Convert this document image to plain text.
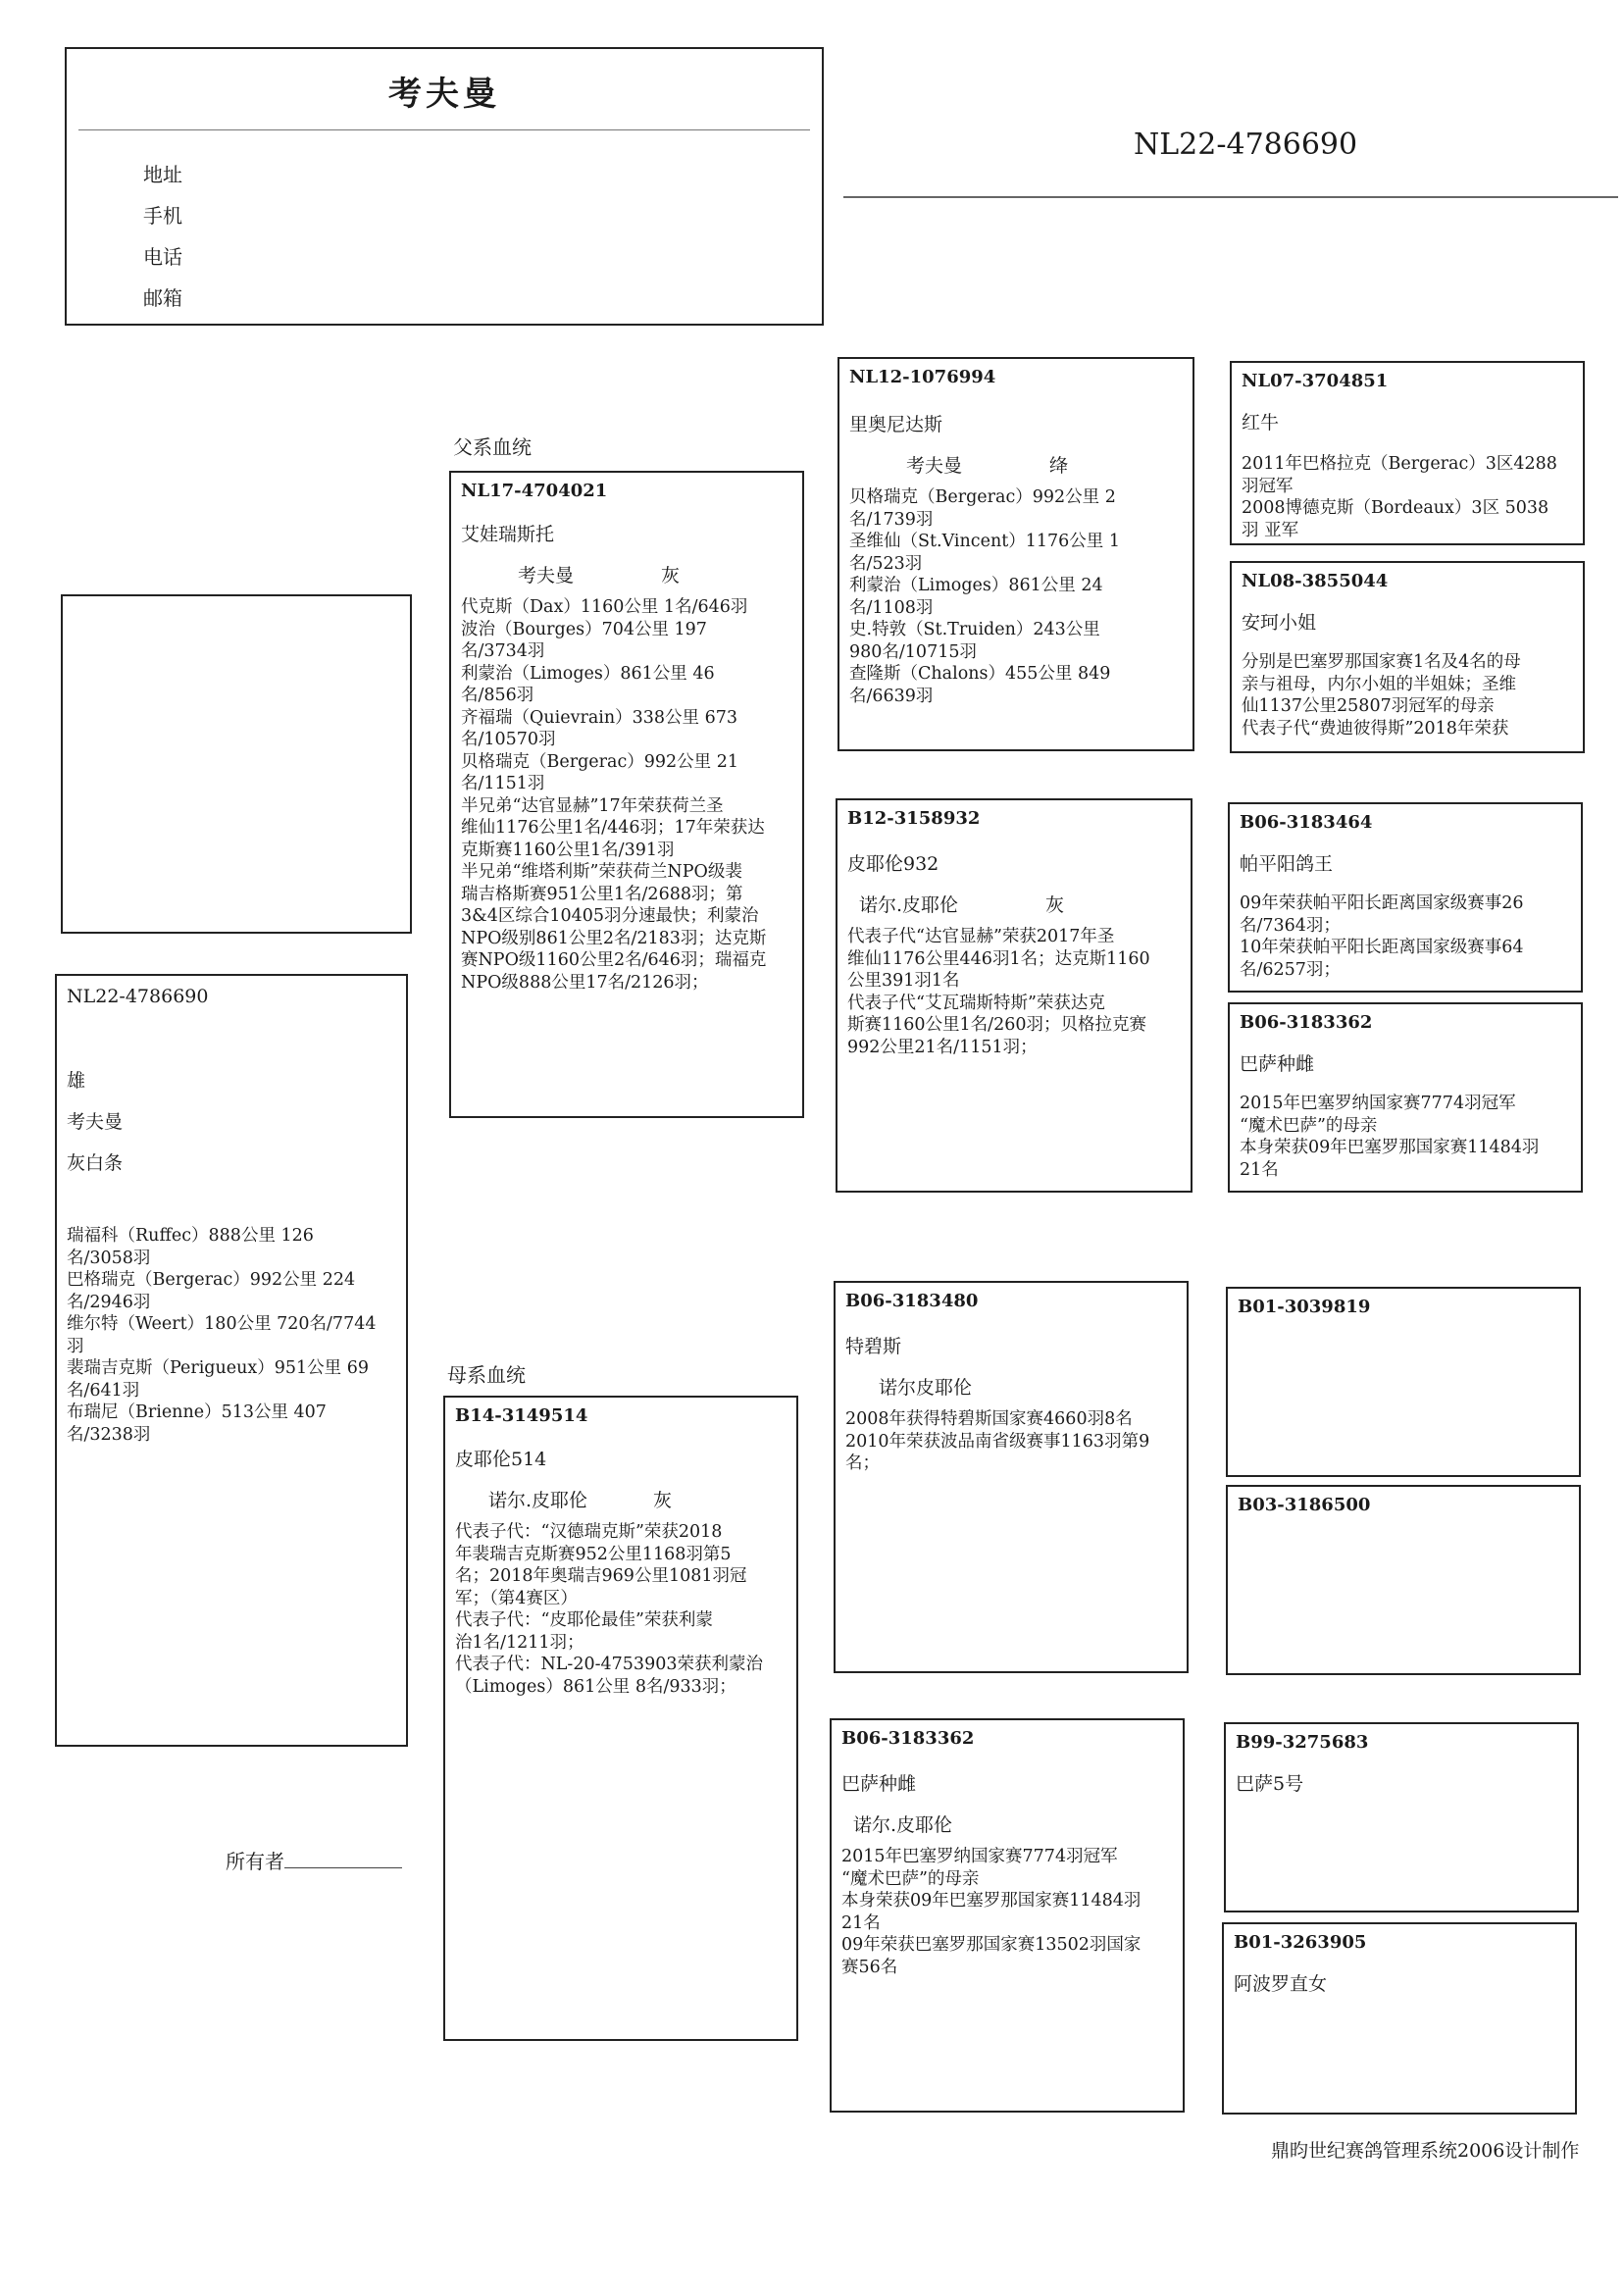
考夫曼
地址
手机
电话
邮箱
NL22-4786690
NL22-4786690
雄
考夫曼
灰白条
瑞福科（Ruffec）888公里 126
名/3058羽
巴格瑞克（Bergerac）992公里 224
名/2946羽
维尔特（Weert）180公里 720名/7744
羽
裴瑞吉克斯（Perigueux）951公里 69
名/641羽
布瑞尼（Brienne）513公里 407
名/3238羽
所有者
父系血统
母系血统
NL17-4704021
艾娃瑞斯托
考夫曼	灰
代克斯（Dax）1160公里 1名/646羽
波治（Bourges）704公里 197
名/3734羽
利蒙治（Limoges）861公里 46
名/856羽
齐福瑞（Quievrain）338公里 673
名/10570羽
贝格瑞克（Bergerac）992公里 21
名/1151羽
半兄弟“达官显赫”17年荣获荷兰圣
维仙1176公里1名/446羽；17年荣获达
克斯赛1160公里1名/391羽
半兄弟“维塔利斯”荣获荷兰NPO级裴
瑞吉格斯赛951公里1名/2688羽；第
3&4区综合10405羽分速最快；利蒙治
NPO级别861公里2名/2183羽；达克斯
赛NPO级1160公里2名/646羽；瑞福克
NPO级888公里17名/2126羽；
B14-3149514
皮耶伦514
诺尔.皮耶伦	灰
代表子代：“汉德瑞克斯”荣获2018
年裴瑞吉克斯赛952公里1168羽第5
名；2018年奥瑞吉969公里1081羽冠
军；（第4赛区）
代表子代：“皮耶伦最佳”荣获利蒙
治1名/1211羽；
代表子代：NL-20-4753903荣获利蒙治
（Limoges）861公里 8名/933羽；
NL12-1076994
里奥尼达斯
考夫曼	绛
贝格瑞克（Bergerac）992公里 2
名/1739羽
圣维仙（St.Vincent）1176公里 1
名/523羽
利蒙治（Limoges）861公里 24
名/1108羽
史.特敦（St.Truiden）243公里
980名/10715羽
查隆斯（Chalons）455公里 849
名/6639羽
B12-3158932
皮耶伦932
诺尔.皮耶伦	灰
代表子代“达官显赫”荣获2017年圣
维仙1176公里446羽1名；达克斯1160
公里391羽1名
代表子代“艾瓦瑞斯特斯”荣获达克
斯赛1160公里1名/260羽；贝格拉克赛
992公里21名/1151羽；
B06-3183480
特碧斯
诺尔皮耶伦
2008年获得特碧斯国家赛4660羽8名
2010年荣获波品南省级赛事1163羽第9
名；
B06-3183362
巴萨种雌
诺尔.皮耶伦
2015年巴塞罗纳国家赛7774羽冠军
“魔术巴萨”的母亲
本身荣获09年巴塞罗那国家赛11484羽
21名
09年荣获巴塞罗那国家赛13502羽国家
赛56名
NL07-3704851
红牛
2011年巴格拉克（Bergerac）3区4288
羽冠军
2008博德克斯（Bordeaux）3区 5038
羽 亚军
NL08-3855044
安珂小姐
分别是巴塞罗那国家赛1名及4名的母
亲与祖母，内尔小姐的半姐妹；圣维
仙1137公里25807羽冠军的母亲
代表子代“费迪彼得斯”2018年荣获
B06-3183464
帕平阳鸽王
09年荣获帕平阳长距离国家级赛事26
名/7364羽；
10年荣获帕平阳长距离国家级赛事64
名/6257羽；
B06-3183362
巴萨种雌
2015年巴塞罗纳国家赛7774羽冠军
“魔术巴萨”的母亲
本身荣获09年巴塞罗那国家赛11484羽
21名
B01-3039819
B03-3186500
B99-3275683
巴萨5号
B01-3263905
阿波罗直女
鼎昀世纪赛鸽管理系统2006设计制作
